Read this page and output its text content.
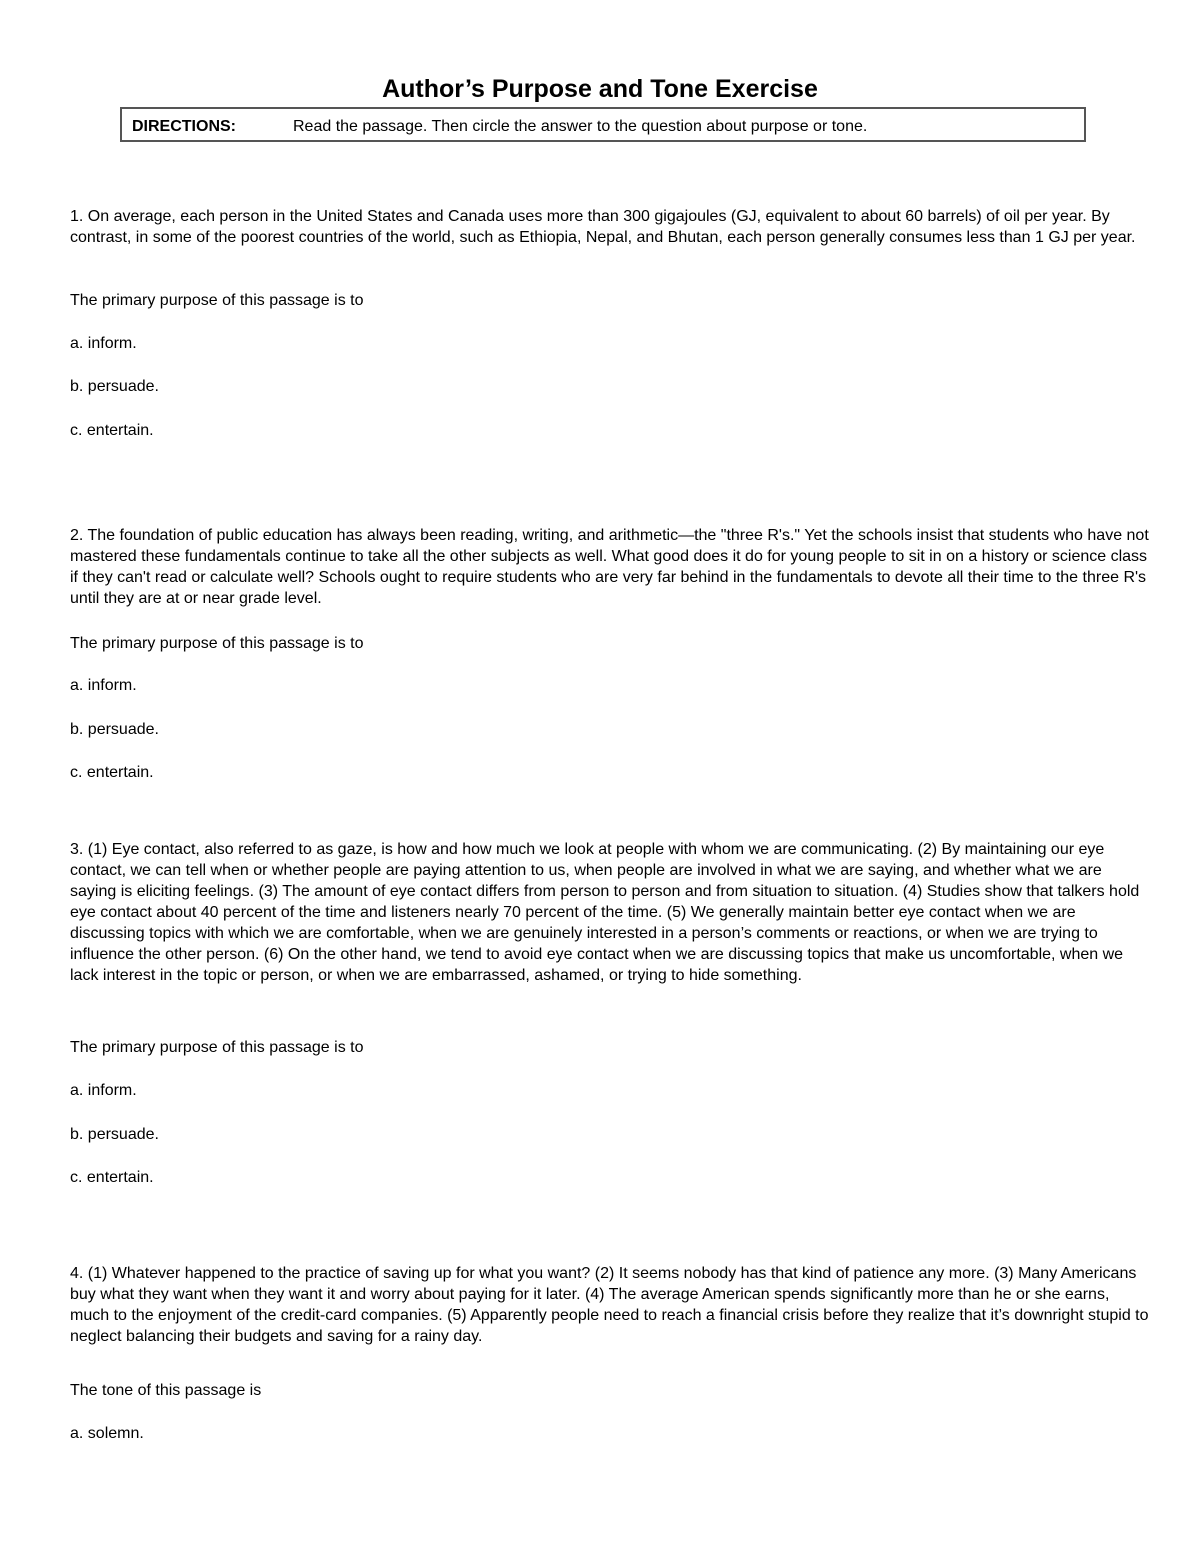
Author’s Purpose and Tone Exercise
DIRECTIONS:	Read the passage. Then circle the answer to the question about purpose or tone.

1. On average, each person in the United States and Canada uses more than 300 gigajoules (GJ, equivalent to about 60 barrels) of oil per year. By contrast, in some of the poorest countries of the world, such as Ethiopia, Nepal, and Bhutan, each person generally consumes less than 1 GJ per year.

The primary purpose of this passage is to
a. inform.
b. persuade.
c. entertain.

2. The foundation of public education has always been reading, writing, and arithmetic—the "three R's." Yet the schools insist that students who have not mastered these fundamentals continue to take all the other subjects as well. What good does it do for young people to sit in on a history or science class if they can't read or calculate well? Schools ought to require students who are very far behind in the fundamentals to devote all their time to the three R's until they are at or near grade level.

The primary purpose of this passage is to
a. inform.
b. persuade.
c. entertain.

3. (1) Eye contact, also referred to as gaze, is how and how much we look at people with whom we are communicating. (2) By maintaining our eye contact, we can tell when or whether people are paying attention to us, when people are involved in what we are saying, and whether what we are saying is eliciting feelings. (3) The amount of eye contact differs from person to person and from situation to situation. (4) Studies show that talkers hold eye contact about 40 percent of the time and listeners nearly 70 percent of the time. (5) We generally maintain better eye contact when we are discussing topics with which we are comfortable, when we are genuinely interested in a person’s comments or reactions, or when we are trying to influence the other person. (6) On the other hand, we tend to avoid eye contact when we are discussing topics that make us uncomfortable, when we lack interest in the topic or person, or when we are embarrassed, ashamed, or trying to hide something.

The primary purpose of this passage is to
a. inform.
b. persuade.
c. entertain.

4. (1) Whatever happened to the practice of saving up for what you want? (2) It seems nobody has that kind of patience any more. (3) Many Americans buy what they want when they want it and worry about paying for it later. (4) The average American spends significantly more than he or she earns, much to the enjoyment of the credit-card companies. (5) Apparently people need to reach a financial crisis before they realize that it’s downright stupid to neglect balancing their budgets and saving for a rainy day.

The tone of this passage is
a. solemn.
